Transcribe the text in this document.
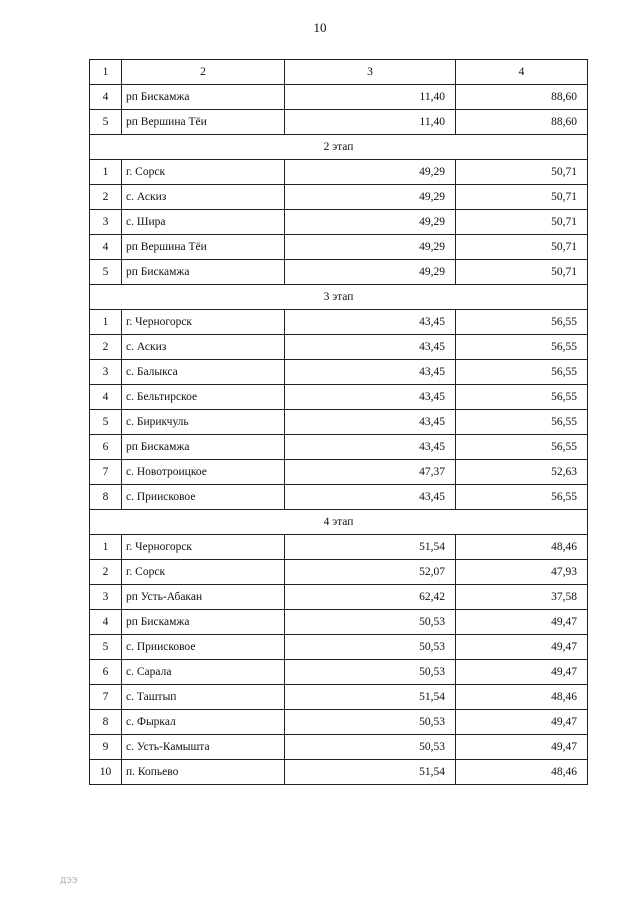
10
1	2	3	4
4	рп Бискамжа	11,40	88,60
5	рп Вершина Тёи	11,40	88,60
2 этап			
1	г. Сорск	49,29	50,71
2	с. Аскиз	49,29	50,71
3	с. Шира	49,29	50,71
4	рп Вершина Тёи	49,29	50,71
5	рп Бискамжа	49,29	50,71
3 этап			
1	г. Черногорск	43,45	56,55
2	с. Аскиз	43,45	56,55
3	с. Балыкса	43,45	56,55
4	с. Бельтирское	43,45	56,55
5	с. Бирикчуль	43,45	56,55
6	рп Бискамжа	43,45	56,55
7	с. Новотроицкое	47,37	52,63
8	с. Приисковое	43,45	56,55
4 этап			
1	г. Черногорск	51,54	48,46
2	г. Сорск	52,07	47,93
3	рп Усть-Абакан	62,42	37,58
4	рп Бискамжа	50,53	49,47
5	с. Приисковое	50,53	49,47
6	с. Сарала	50,53	49,47
7	с. Таштып	51,54	48,46
8	с. Фыркал	50,53	49,47
9	с. Усть-Камышта	50,53	49,47
10	п. Копьево	51,54	48,46
ДЭЭ
